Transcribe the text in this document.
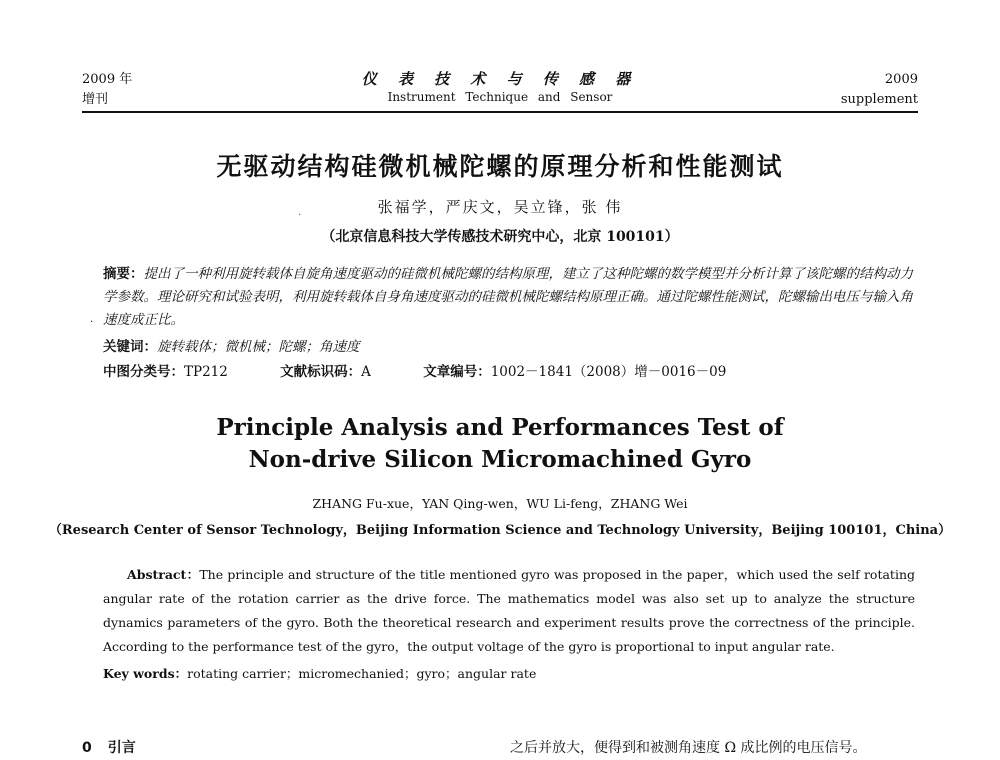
2009 年
增刊
仪 表 技 术 与 传 感 器
Instrument Technique and Sensor
2009
supplement
无驱动结构硅微机械陀螺的原理分析和性能测试
·	张福学，严庆文，吴立锋，张 伟
（北京信息科技大学传感技术研究中心，北京 100101）
摘要：提出了一种利用旋转载体自旋角速度驱动的硅微机械陀螺的结构原理，建立了这种陀螺的数学模型并分析计算了该陀螺的结构动力学参数。理论研究和试验表明，利用旋转载体自身角速度驱动的硅微机械陀螺结构原理正确。通过陀螺性能测试，陀螺输出电压与输入角速度成正比。
·
关键词：旋转载体；微机械；陀螺；角速度
中图分类号：TP212	文献标识码：A	文章编号：1002－1841（2008）增－0016－09
Principle Analysis and Performances Test of
Non-drive Silicon Micromachined Gyro
ZHANG Fu-xue，YAN Qing-wen，WU Li-feng，ZHANG Wei
（Research Center of Sensor Technology，Beijing Information Science and Technology University，Beijing 100101，China）
Abstract：The principle and structure of the title mentioned gyro was proposed in the paper，which used the self rotating angular rate of the rotation carrier as the drive force. The mathematics model was also set up to analyze the structure dynamics parameters of the gyro. Both the theoretical research and experiment results prove the correctness of the principle. According to the performance test of the gyro，the output voltage of the gyro is proportional to input angular rate.
Key words：rotating carrier；micromechanied；gyro；angular rate
0 引言	之后并放大，便得到和被测角速度 Ω 成比例的电压信号。
